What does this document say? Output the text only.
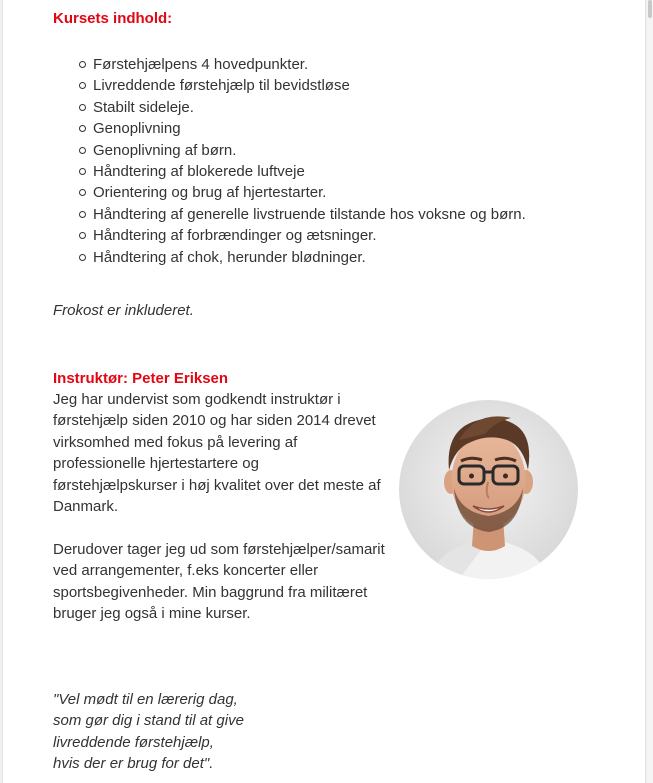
Kursets indhold:
Førstehjælpens 4 hovedpunkter.
Livreddende førstehjælp til bevidstløse
Stabilt sideleje.
Genoplivning
Genoplivning af børn.
Håndtering af blokerede luftveje
Orientering og brug af hjertestarter.
Håndtering af generelle livstruende tilstande hos voksne og børn.
Håndtering af forbrændinger og ætsninger.
Håndtering af chok, herunder blødninger.

Frokost er inkluderet.

Instruktør: Peter Eriksen

Jeg har undervist som godkendt instruktør i førstehjælp siden 2010 og har siden 2014 drevet virksomhed med fokus på levering af professionelle hjertestartere og førstehjælpskurser i høj kvalitet over det meste af Danmark.

Derudover tager jeg ud som førstehjælper/samarit ved arrangementer, f.eks koncerter eller sportsbegivenheder. Min baggrund fra militæret bruger jeg også i mine kurser.

"Vel mødt til en lærerig dag,
som gør dig i stand til at give
livreddende førstehjælp,
hvis der er brug for det".
